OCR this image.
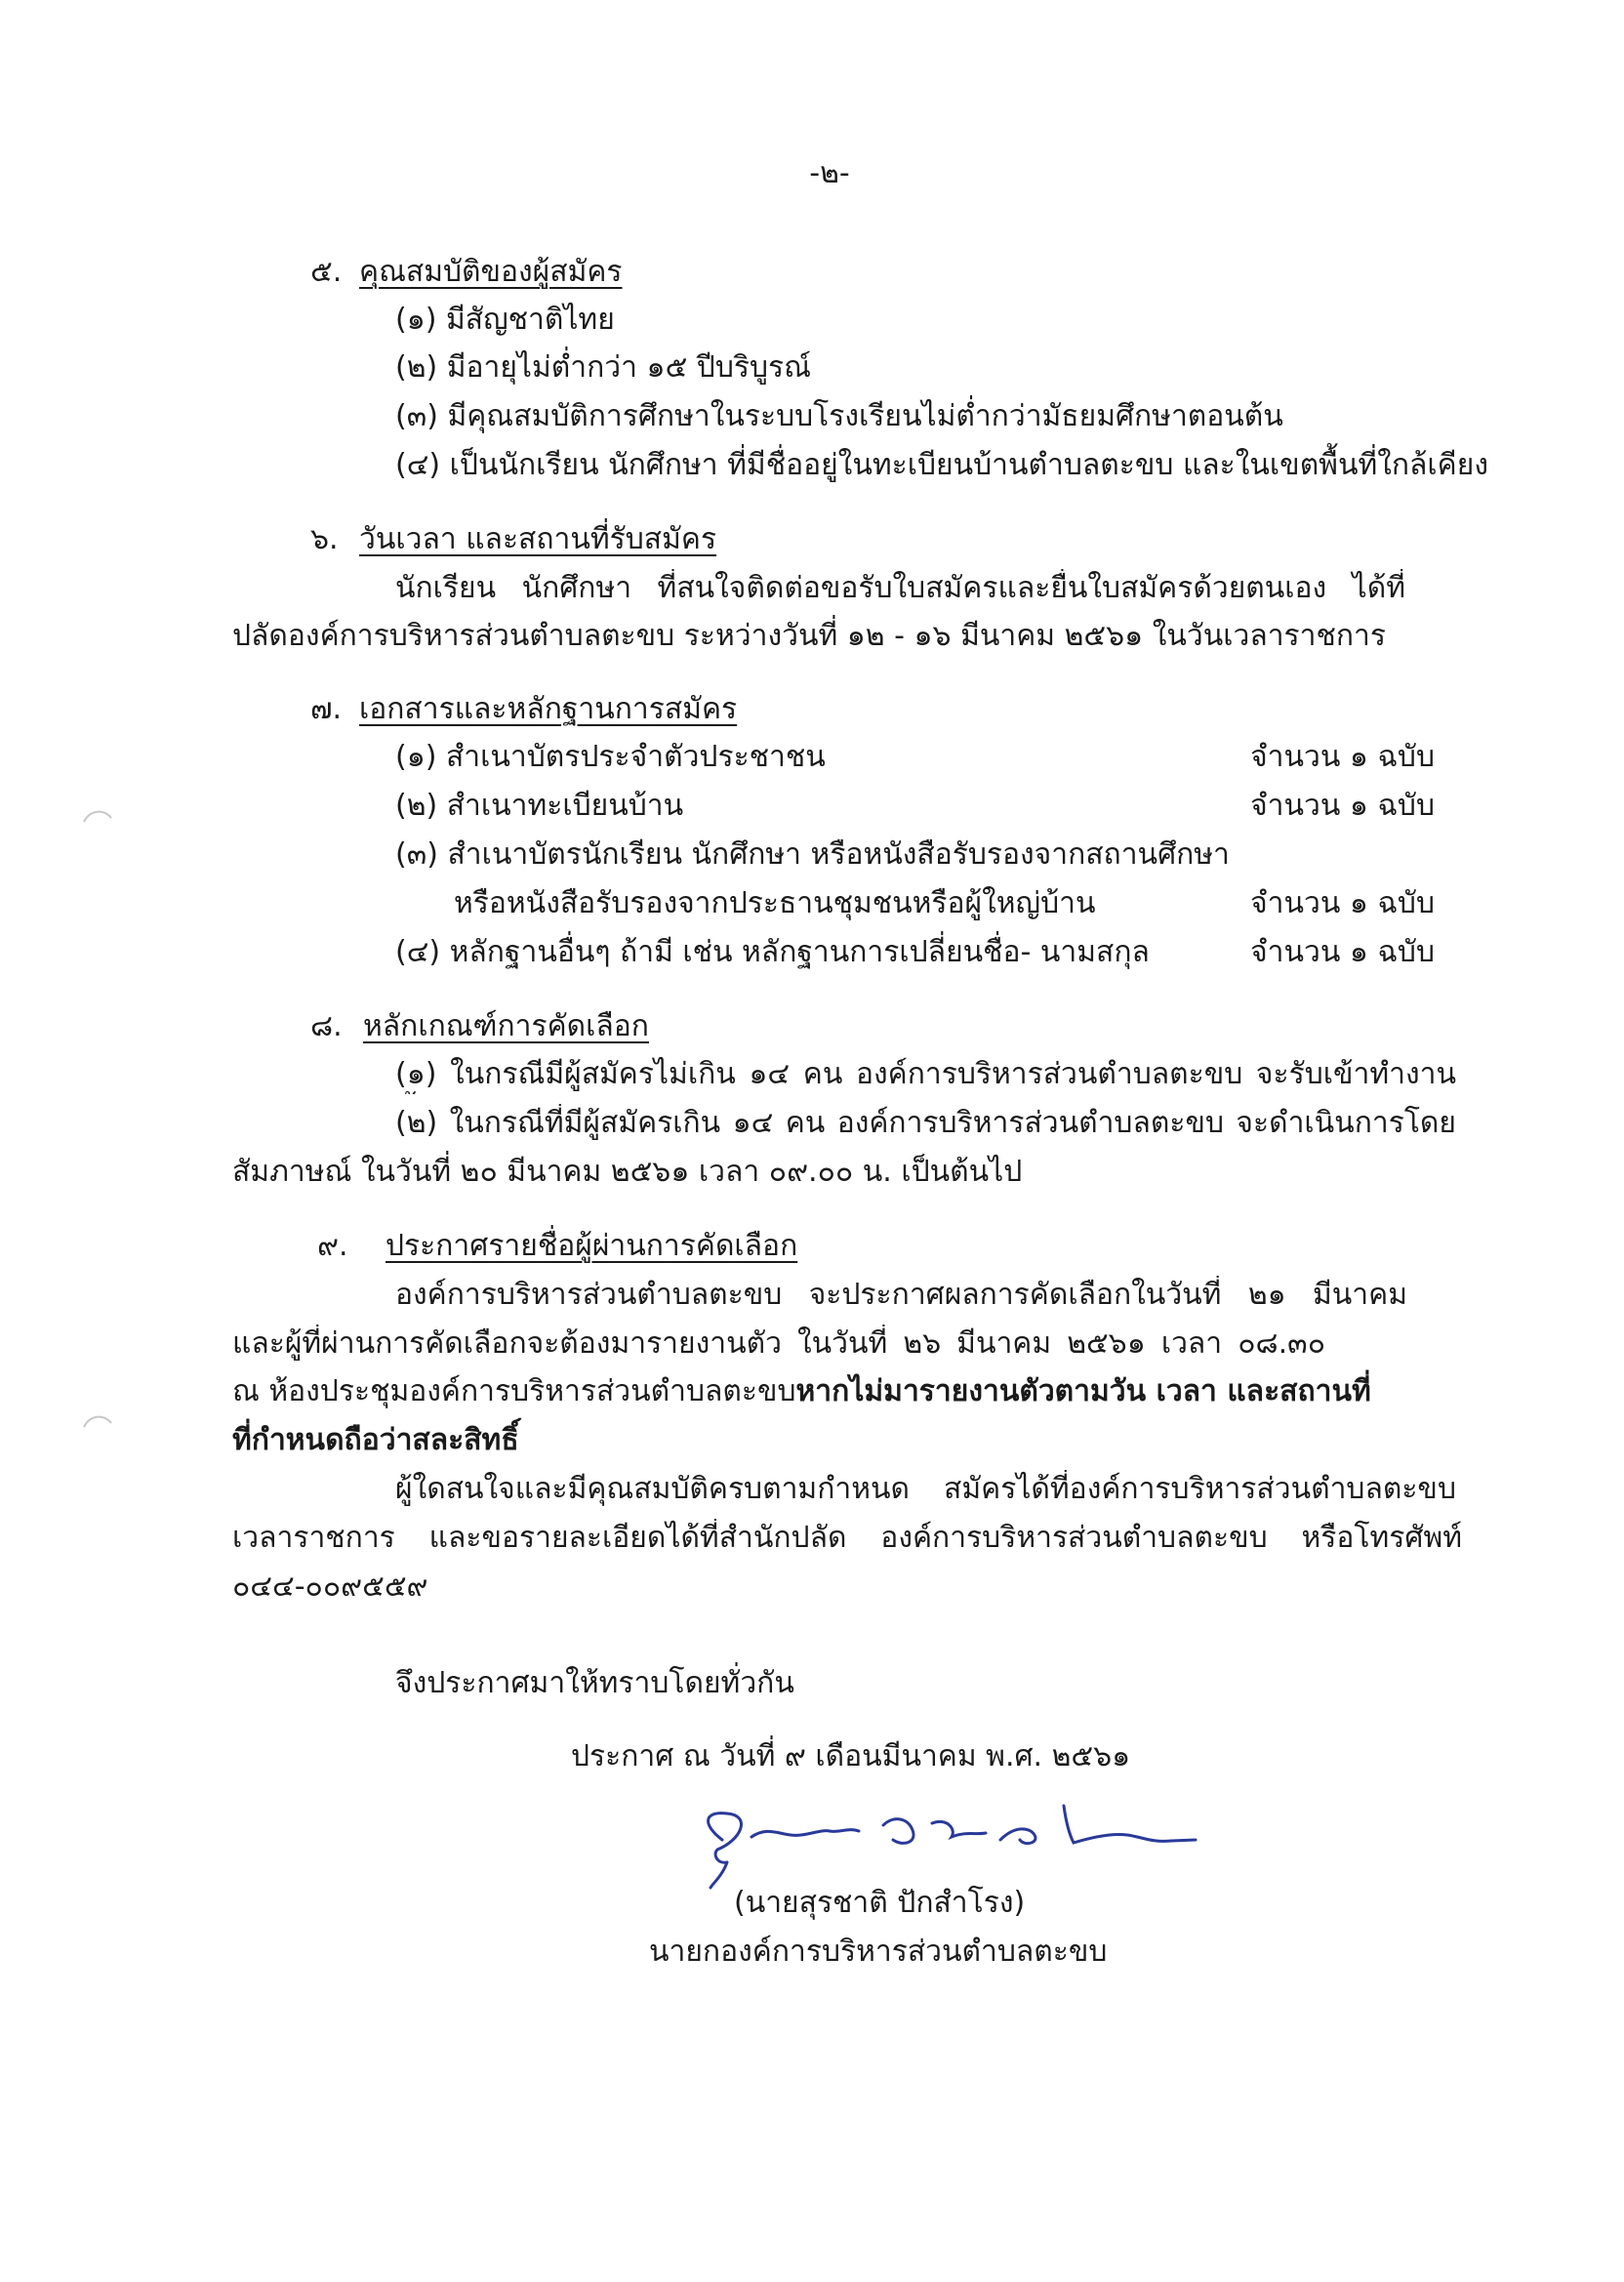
-๒-
๕. คุณสมบัติของผู้สมัคร
(๑) มีสัญชาติไทย
(๒) มีอายุไม่ต่ำกว่า ๑๕ ปีบริบูรณ์
(๓) มีคุณสมบัติการศึกษาในระบบโรงเรียนไม่ต่ำกว่ามัธยมศึกษาตอนต้น
(๔) เป็นนักเรียน นักศึกษา ที่มีชื่ออยู่ในทะเบียนบ้านตำบลตะขบ และในเขตพื้นที่ใกล้เคียง
๖. วันเวลา และสถานที่รับสมัคร
นักเรียน นักศึกษา ที่สนใจติดต่อขอรับใบสมัครและยื่นใบสมัครด้วยตนเอง ได้ที่
ปลัดองค์การบริหารส่วนตำบลตะขบ ระหว่างวันที่ ๑๒ - ๑๖ มีนาคม ๒๕๖๑ ในวันเวลาราชการ
๗. เอกสารและหลักฐานการสมัคร
(๑) สำเนาบัตรประจำตัวประชาชน	จำนวน ๑ ฉบับ
(๒) สำเนาทะเบียนบ้าน	จำนวน ๑ ฉบับ
(๓) สำเนาบัตรนักเรียน นักศึกษา หรือหนังสือรับรองจากสถานศึกษา
หรือหนังสือรับรองจากประธานชุมชนหรือผู้ใหญ่บ้าน	จำนวน ๑ ฉบับ
(๔) หลักฐานอื่นๆ ถ้ามี เช่น หลักฐานการเปลี่ยนชื่อ- นามสกุล	จำนวน ๑ ฉบับ
๘. หลักเกณฑ์การคัดเลือก
(๑) ในกรณีมีผู้สมัครไม่เกิน ๑๔ คน องค์การบริหารส่วนตำบลตะขบ จะรับเข้าทำงาน
(๒) ในกรณีที่มีผู้สมัครเกิน ๑๔ คน องค์การบริหารส่วนตำบลตะขบ จะดำเนินการโดย
สัมภาษณ์ ในวันที่ ๒๐ มีนาคม ๒๕๖๑ เวลา ๐๙.๐๐ น. เป็นต้นไป
๙. ประกาศรายชื่อผู้ผ่านการคัดเลือก
องค์การบริหารส่วนตำบลตะขบ จะประกาศผลการคัดเลือกในวันที่ ๒๑ มีนาคม
และผู้ที่ผ่านการคัดเลือกจะต้องมารายงานตัว ในวันที่ ๒๖ มีนาคม ๒๕๖๑ เวลา ๐๘.๓๐
ณ ห้องประชุมองค์การบริหารส่วนตำบลตะขบ หากไม่มารายงานตัวตามวัน เวลา และสถานที่
ที่กำหนดถือว่าสละสิทธิ์
ผู้ใดสนใจและมีคุณสมบัติครบตามกำหนด สมัครได้ที่องค์การบริหารส่วนตำบลตะขบ
เวลาราชการ และขอรายละเอียดได้ที่สำนักปลัด องค์การบริหารส่วนตำบลตะขบ หรือโทรศัพท์
๐๔๔-๐๐๙๕๕๙
จึงประกาศมาให้ทราบโดยทั่วกัน
ประกาศ ณ วันที่ ๙ เดือนมีนาคม พ.ศ. ๒๕๖๑
(นายสุรชาติ ปักสำโรง)
นายกองค์การบริหารส่วนตำบลตะขบ
